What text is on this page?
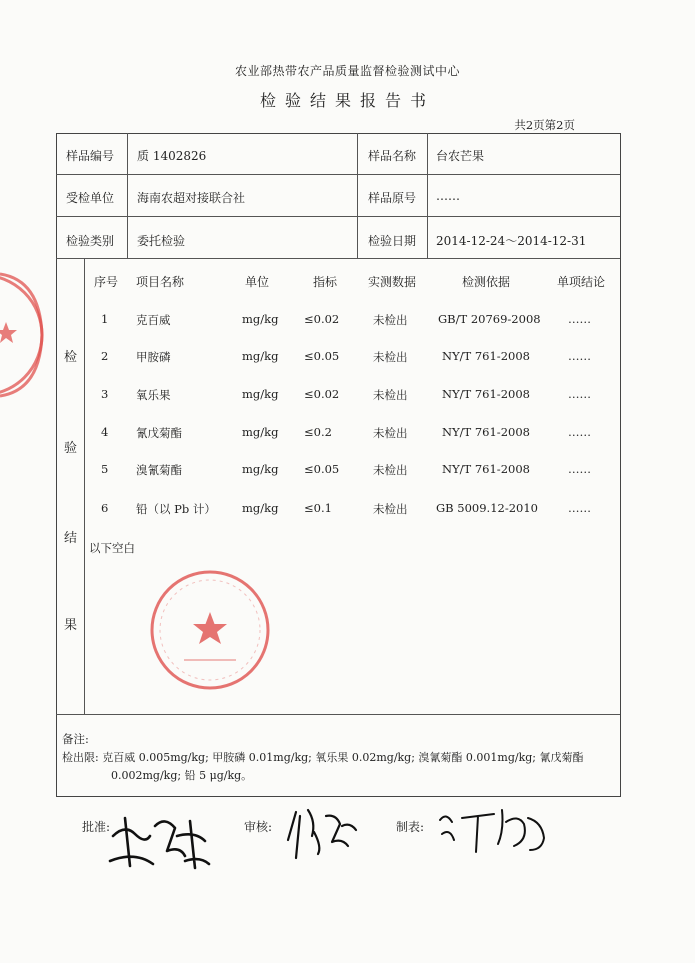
农业部热带农产品质量监督检验测试中心
检验结果报告书
共2页第2页
样品编号 质 1402826	样品名称 台农芒果
受检单位 海南农超对接联合社	样品原号 ……
检验类别 委托检验	检验日期 2014-12-24～2014-12-31
检
验
结
果
序号 项目名称	单位	指标	实测数据	检测依据	单项结论
1 克百威	mg/kg ≤0.02	未检出	GB/T 20769-2008 ……
2 甲胺磷	mg/kg ≤0.05	未检出	NY/T 761-2008	……
3 氧乐果	mg/kg ≤0.02	未检出	NY/T 761-2008	……
4 氰戊菊酯	mg/kg ≤0.2	未检出	NY/T 761-2008	……
5 溴氰菊酯	mg/kg ≤0.05	未检出	NY/T 761-2008	……
6 铅（以 Pb 计） mg/kg ≤0.1	未检出 GB 5009.12-2010	……
以下空白
备注:
检出限: 克百威 0.005mg/kg; 甲胺磷 0.01mg/kg; 氧乐果 0.02mg/kg; 溴氰菊酯 0.001mg/kg; 氰戊菊酯
0.002mg/kg; 铅 5 μg/kg。
批准:	审核:	制表:
